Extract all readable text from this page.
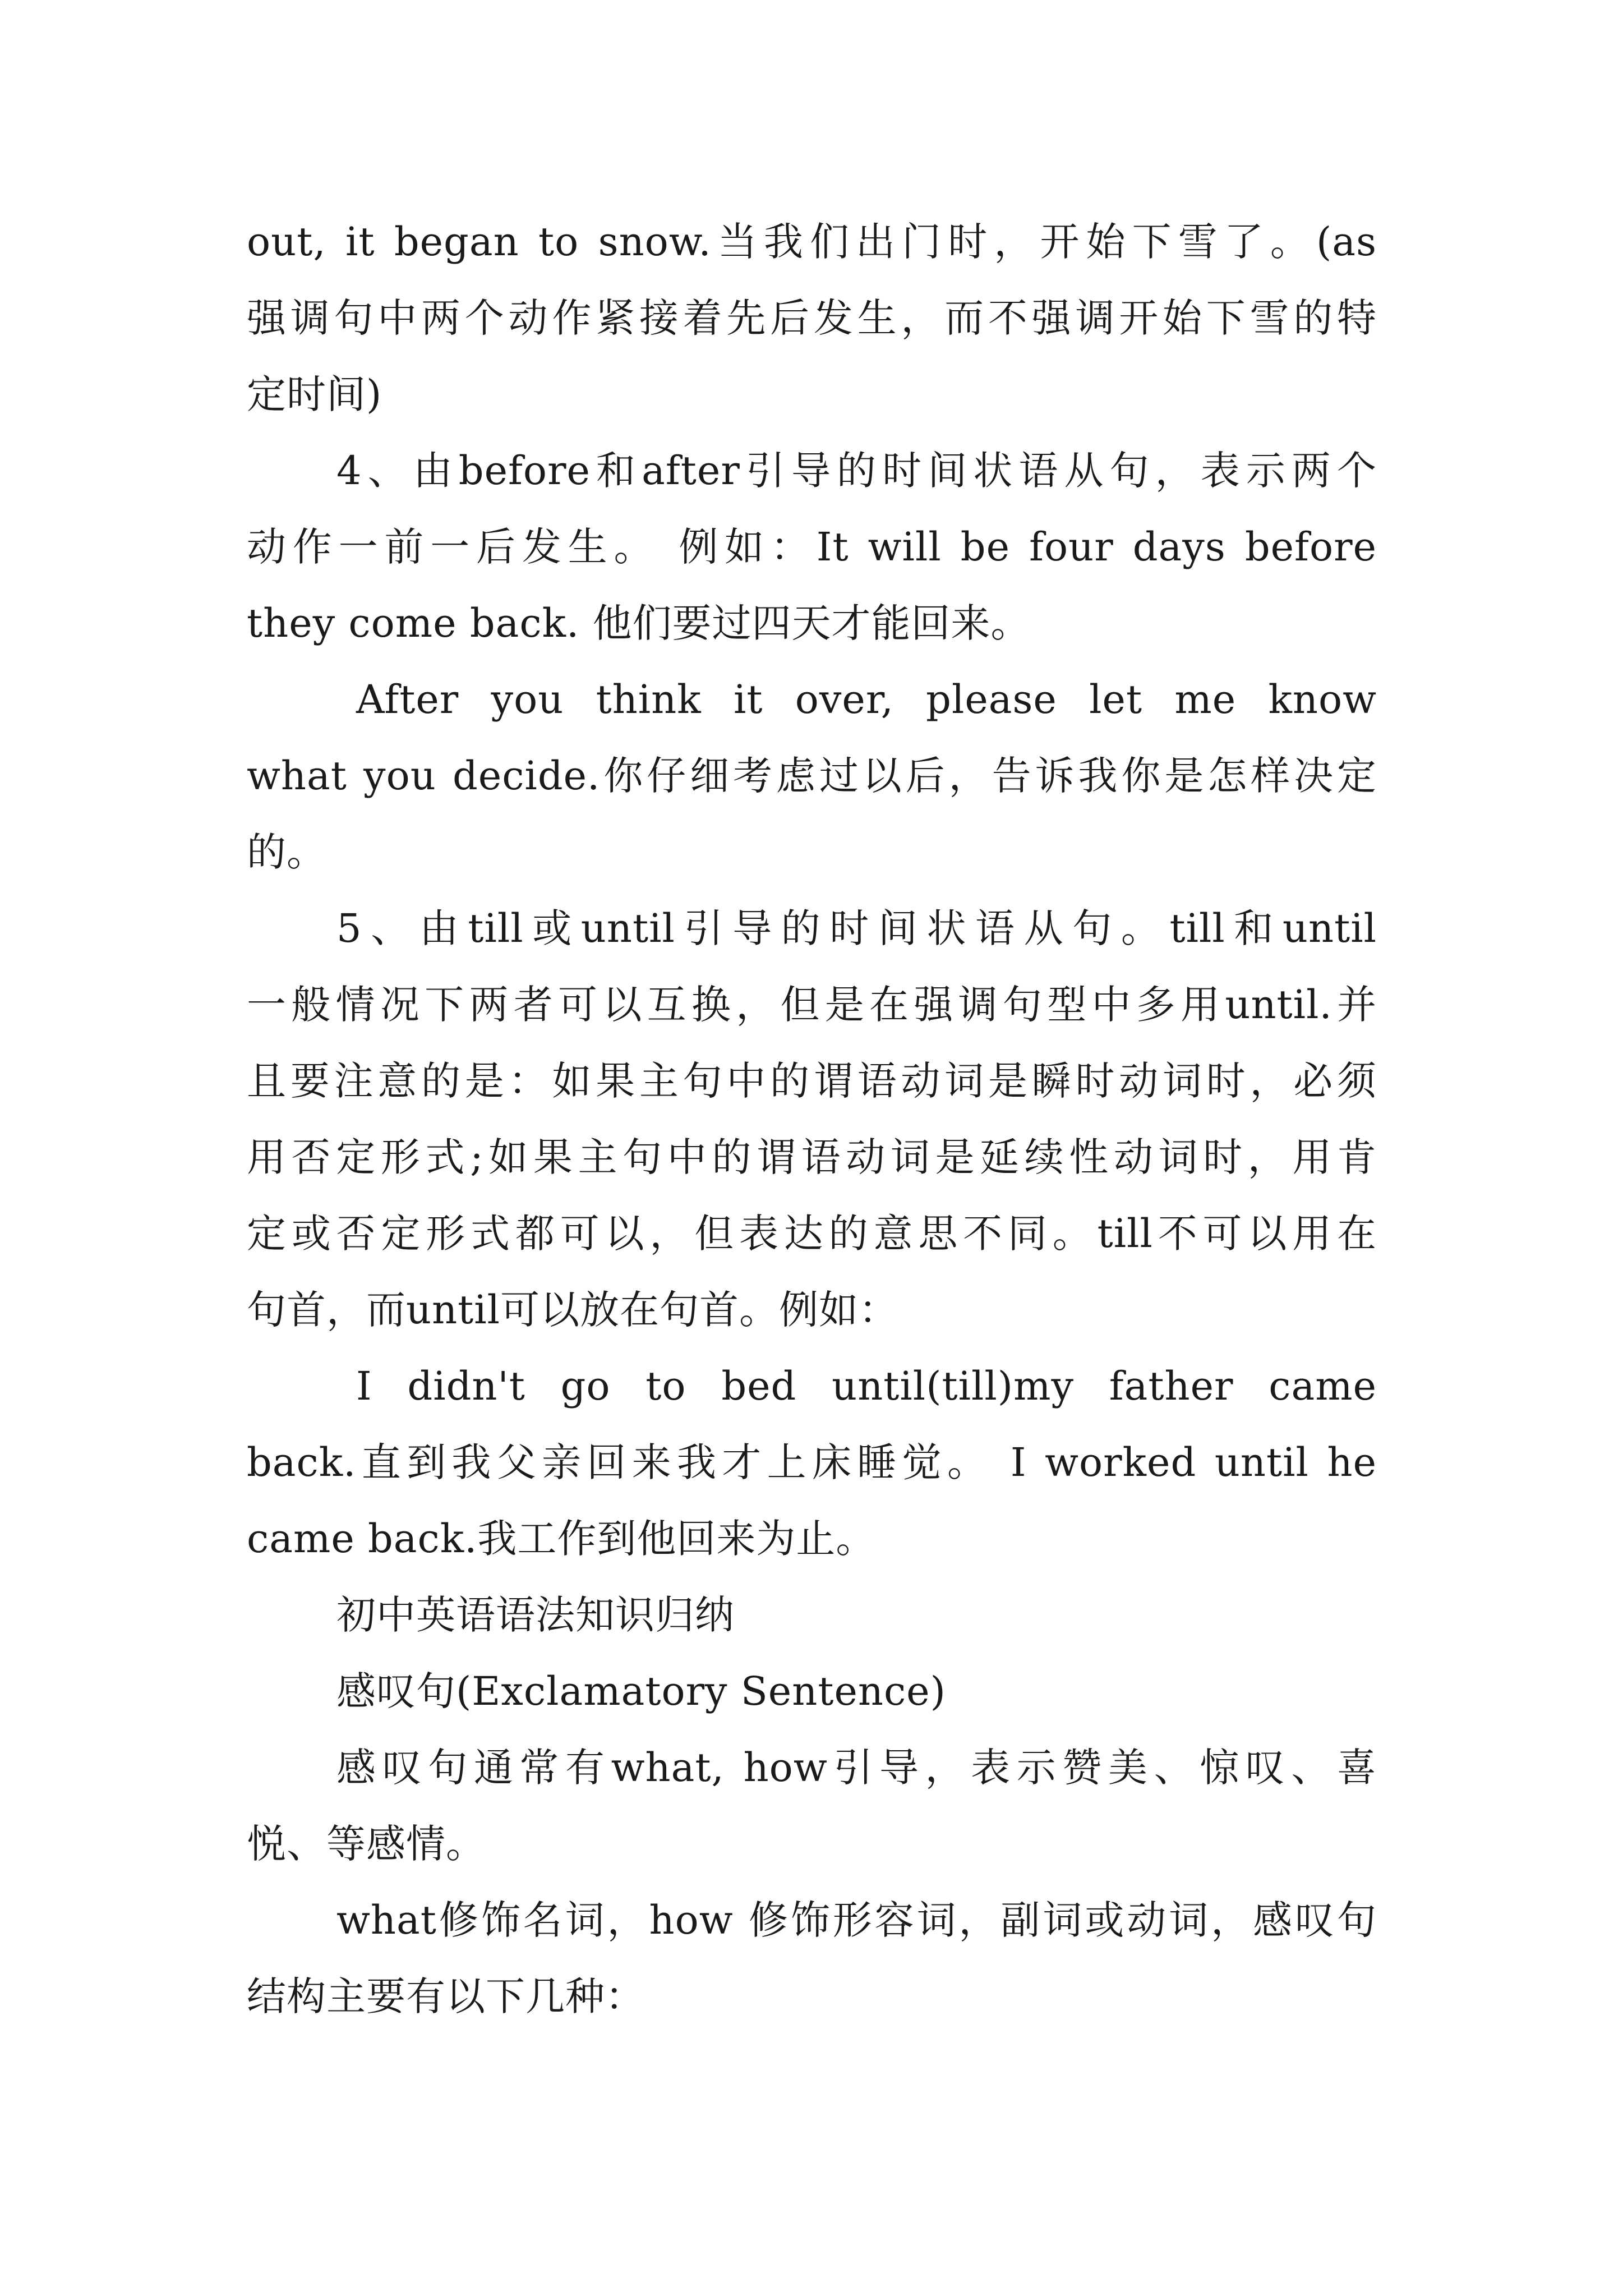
out, it began to snow.当我们出门时，开始下雪了。(as
强调句中两个动作紧接着先后发生，而不强调开始下雪的特
定时间)
4、由before和after引导的时间状语从句，表示两个
动作一前一后发生。 例如：It will be four days before
they come back. 他们要过四天才能回来。
After you think it over, please let me know
what you decide.你仔细考虑过以后，告诉我你是怎样决定
的。
5、由till或until引导的时间状语从句。till和until
一般情况下两者可以互换，但是在强调句型中多用until.并
且要注意的是：如果主句中的谓语动词是瞬时动词时，必须
用否定形式;如果主句中的谓语动词是延续性动词时，用肯
定或否定形式都可以，但表达的意思不同。till不可以用在
句首，而until可以放在句首。例如：
I didn't go to bed until(till)my father came
back.直到我父亲回来我才上床睡觉。 I worked until he
came back.我工作到他回来为止。
初中英语语法知识归纳
感叹句(Exclamatory Sentence)
感叹句通常有what, how引导，表示赞美、惊叹、喜
悦、等感情。
what修饰名词，how 修饰形容词，副词或动词，感叹句
结构主要有以下几种：
